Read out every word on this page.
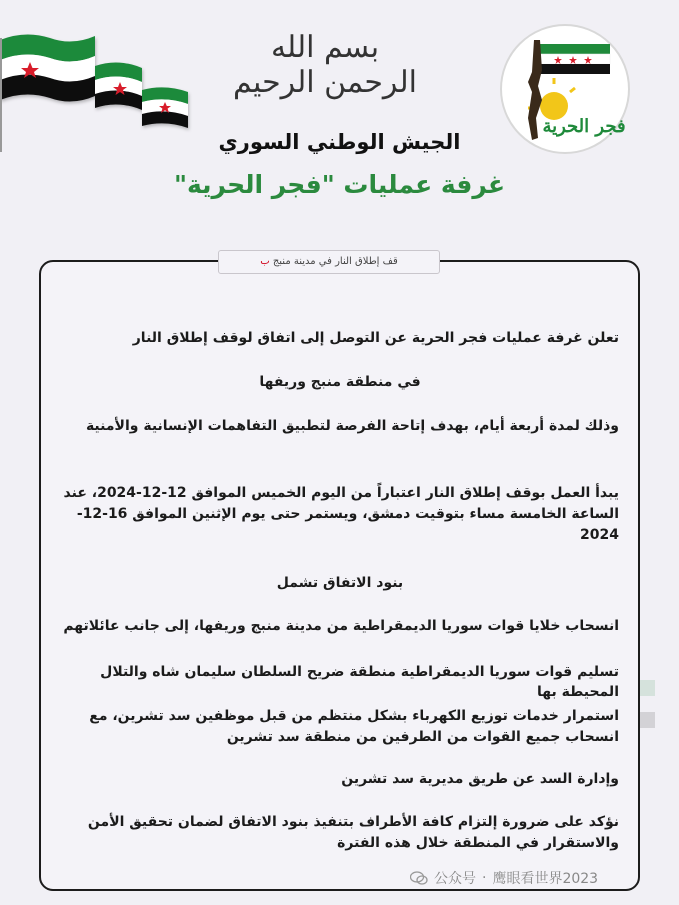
بسم الله الرحمن الرحيم
فجر الحرية
الجيش الوطني السوري
غرفة عمليات "فجر الحرية"
قف إطلاق النار في مدينة منبج ب
تعلن غرفة عمليات فجر الحرية عن التوصل إلى اتفاق لوقف إطلاق النار
في منطقة منبج وريفها
وذلك لمدة أربعة أيام، بهدف إتاحة الفرصة لتطبيق التفاهمات الإنسانية والأمنية
يبدأ العمل بوقف إطلاق النار اعتباراً من اليوم الخميس الموافق 12-12-2024، عند الساعة الخامسة مساء بتوقيت دمشق، ويستمر حتى يوم الإثنين الموافق 16-12-2024
بنود الاتفاق تشمل
انسحاب خلايا قوات سوريا الديمقراطية من مدينة منبج وريفها، إلى جانب عائلاتهم
تسليم قوات سوريا الديمقراطية منطقة ضريح السلطان سليمان شاه والتلال المحيطة بها
استمرار خدمات توزيع الكهرباء بشكل منتظم من قبل موظفين سد تشرين، مع انسحاب جميع القوات من الطرفين من منطقة سد تشرين
وإدارة السد عن طريق مديرية سد تشرين
نؤكد على ضرورة إلتزام كافة الأطراف بتنفيذ بنود الاتفاق لضمان تحقيق الأمن والاستقرار في المنطقة خلال هذه الفترة
公众号 · 鹰眼看世界2023
